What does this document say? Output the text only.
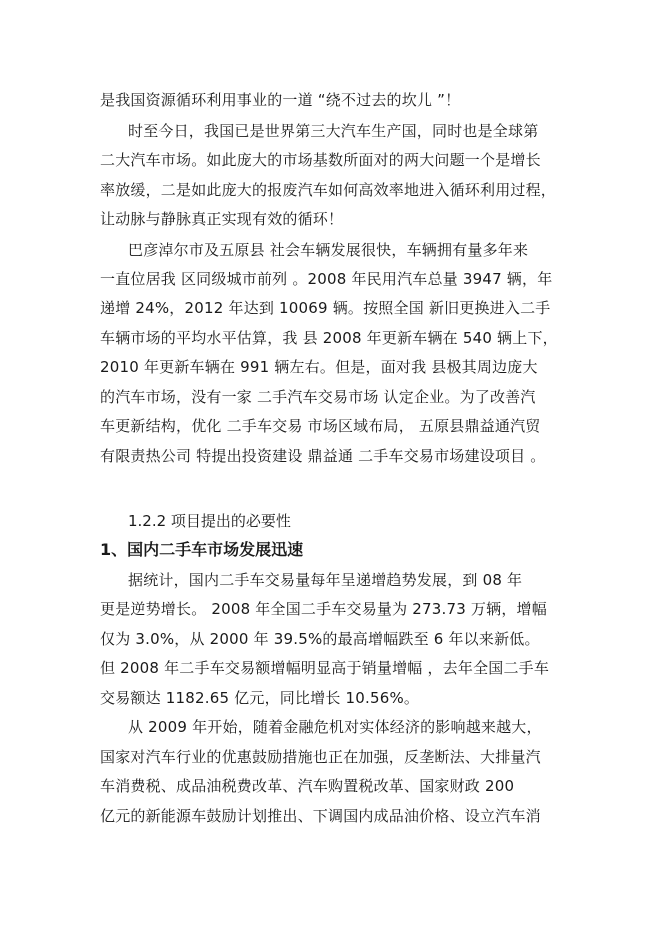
是我国资源循环利用事业的一道 “绕不过去的坎儿 ”！
时至今日，我国已是世界第三大汽车生产国，同时也是全球第
二大汽车市场。如此庞大的市场基数所面对的两大问题一个是增长
率放缓，二是如此庞大的报废汽车如何高效率地进入循环利用过程，
让动脉与静脉真正实现有效的循环！
巴彦淖尔市及五原县 社会车辆发展很快，车辆拥有量多年来
一直位居我 区同级城市前列 。2008 年民用汽车总量 3947 辆，年
递增 24%，2012 年达到 10069 辆。按照全国 新旧更换进入二手
车辆市场的平均水平估算，我 县 2008 年更新车辆在 540 辆上下，
2010 年更新车辆在 991 辆左右。但是，面对我 县极其周边庞大
的汽车市场，没有一家 二手汽车交易市场 认定企业。为了改善汽
车更新结构，优化 二手车交易 市场区域布局， 五原县鼎益通汽贸
有限责热公司 特提出投资建设 鼎益通 二手车交易市场建设项目 。
1.2.2 项目提出的必要性
1、国内二手车市场发展迅速
据统计，国内二手车交易量每年呈递增趋势发展，到 08 年
更是逆势增长。 2008 年全国二手车交易量为 273.73 万辆，增幅
仅为 3.0%，从 2000 年 39.5%的最高增幅跌至 6 年以来新低。
但 2008 年二手车交易额增幅明显高于销量增幅 ，去年全国二手车
交易额达 1182.65 亿元，同比增长 10.56%。
从 2009 年开始，随着金融危机对实体经济的影响越来越大，
国家对汽车行业的优惠鼓励措施也正在加强，反垄断法、大排量汽
车消费税、成品油税费改革、汽车购置税改革、国家财政 200
亿元的新能源车鼓励计划推出、下调国内成品油价格、设立汽车消
